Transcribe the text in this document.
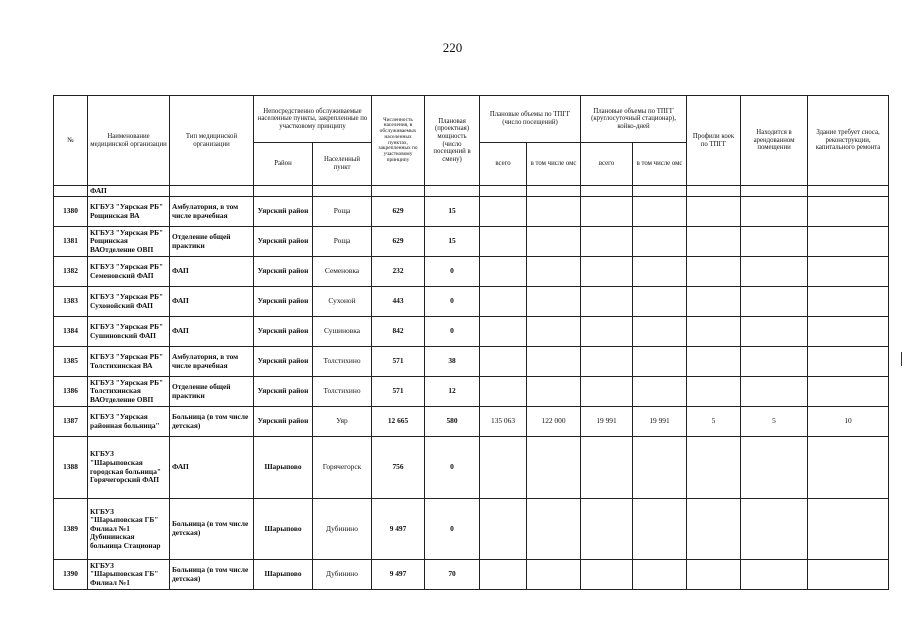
220
№	Наименование медицинской организации	Тип медицинской организации	Непосредственно обслуживаемые населенные пункты, закрепленные по участковому принципу		Численность населения, в обслуживаемых населенных пунктах, закрепленных по участковому принципу	Плановая (проектная) мощность (число посещений в смену)	Плановые объемы по ТПГГ (число посещений)		Плановые объемы по ТПГГ (круглосуточный стационар), койко-дней		Профили коек по ТПГГ	Находится в арендованном помещении	Здание требует сноса, реконструкции, капитального ремонта
			Район	Населенный пункт			всего	в том числе омс	всего	в том числе омс			
	ФАП												
1380	КГБУЗ "Уярская РБ" Рощинская ВА	Амбулатория, в том числе врачебная	Уярский район	Роща	629	15							
1381	КГБУЗ "Уярская РБ" Рощинская ВАОтделение ОВП	Отделение общей практики	Уярский район	Роща	629	15							
1382	КГБУЗ "Уярская РБ" Семеновский ФАП	ФАП	Уярский район	Семеновка	232	0							
1383	КГБУЗ "Уярская РБ" Сухонойский ФАП	ФАП	Уярский район	Сухоной	443	0							
1384	КГБУЗ "Уярская РБ" Сушиновский ФАП	ФАП	Уярский район	Сушиновка	842	0							
1385	КГБУЗ "Уярская РБ" Толстихинская ВА	Амбулатория, в том числе врачебная	Уярский район	Толстихино	571	38							
1386	КГБУЗ "Уярская РБ" Толстихинская ВАОтделение ОВП	Отделение общей практики	Уярский район	Толстихино	571	12							
1387	КГБУЗ "Уярская районная больница"	Больница (в том числе детская)	Уярский район	Уяр	12 665	580	135 063	122 000	19 991	19 991	5	5	10
1388	КГБУЗ "Шарыповская городская больница" Горячегорский ФАП	ФАП	Шарыпово	Горячегорск	756	0							
1389	КГБУЗ "Шарыповская ГБ" Филиал №1 Дубининская больница Стационар	Больница (в том числе детская)	Шарыпово	Дубинино	9 497	0							
1390	КГБУЗ "Шарыповская ГБ" Филиал №1	Больница (в том числе детская)	Шарыпово	Дубинино	9 497	70							
